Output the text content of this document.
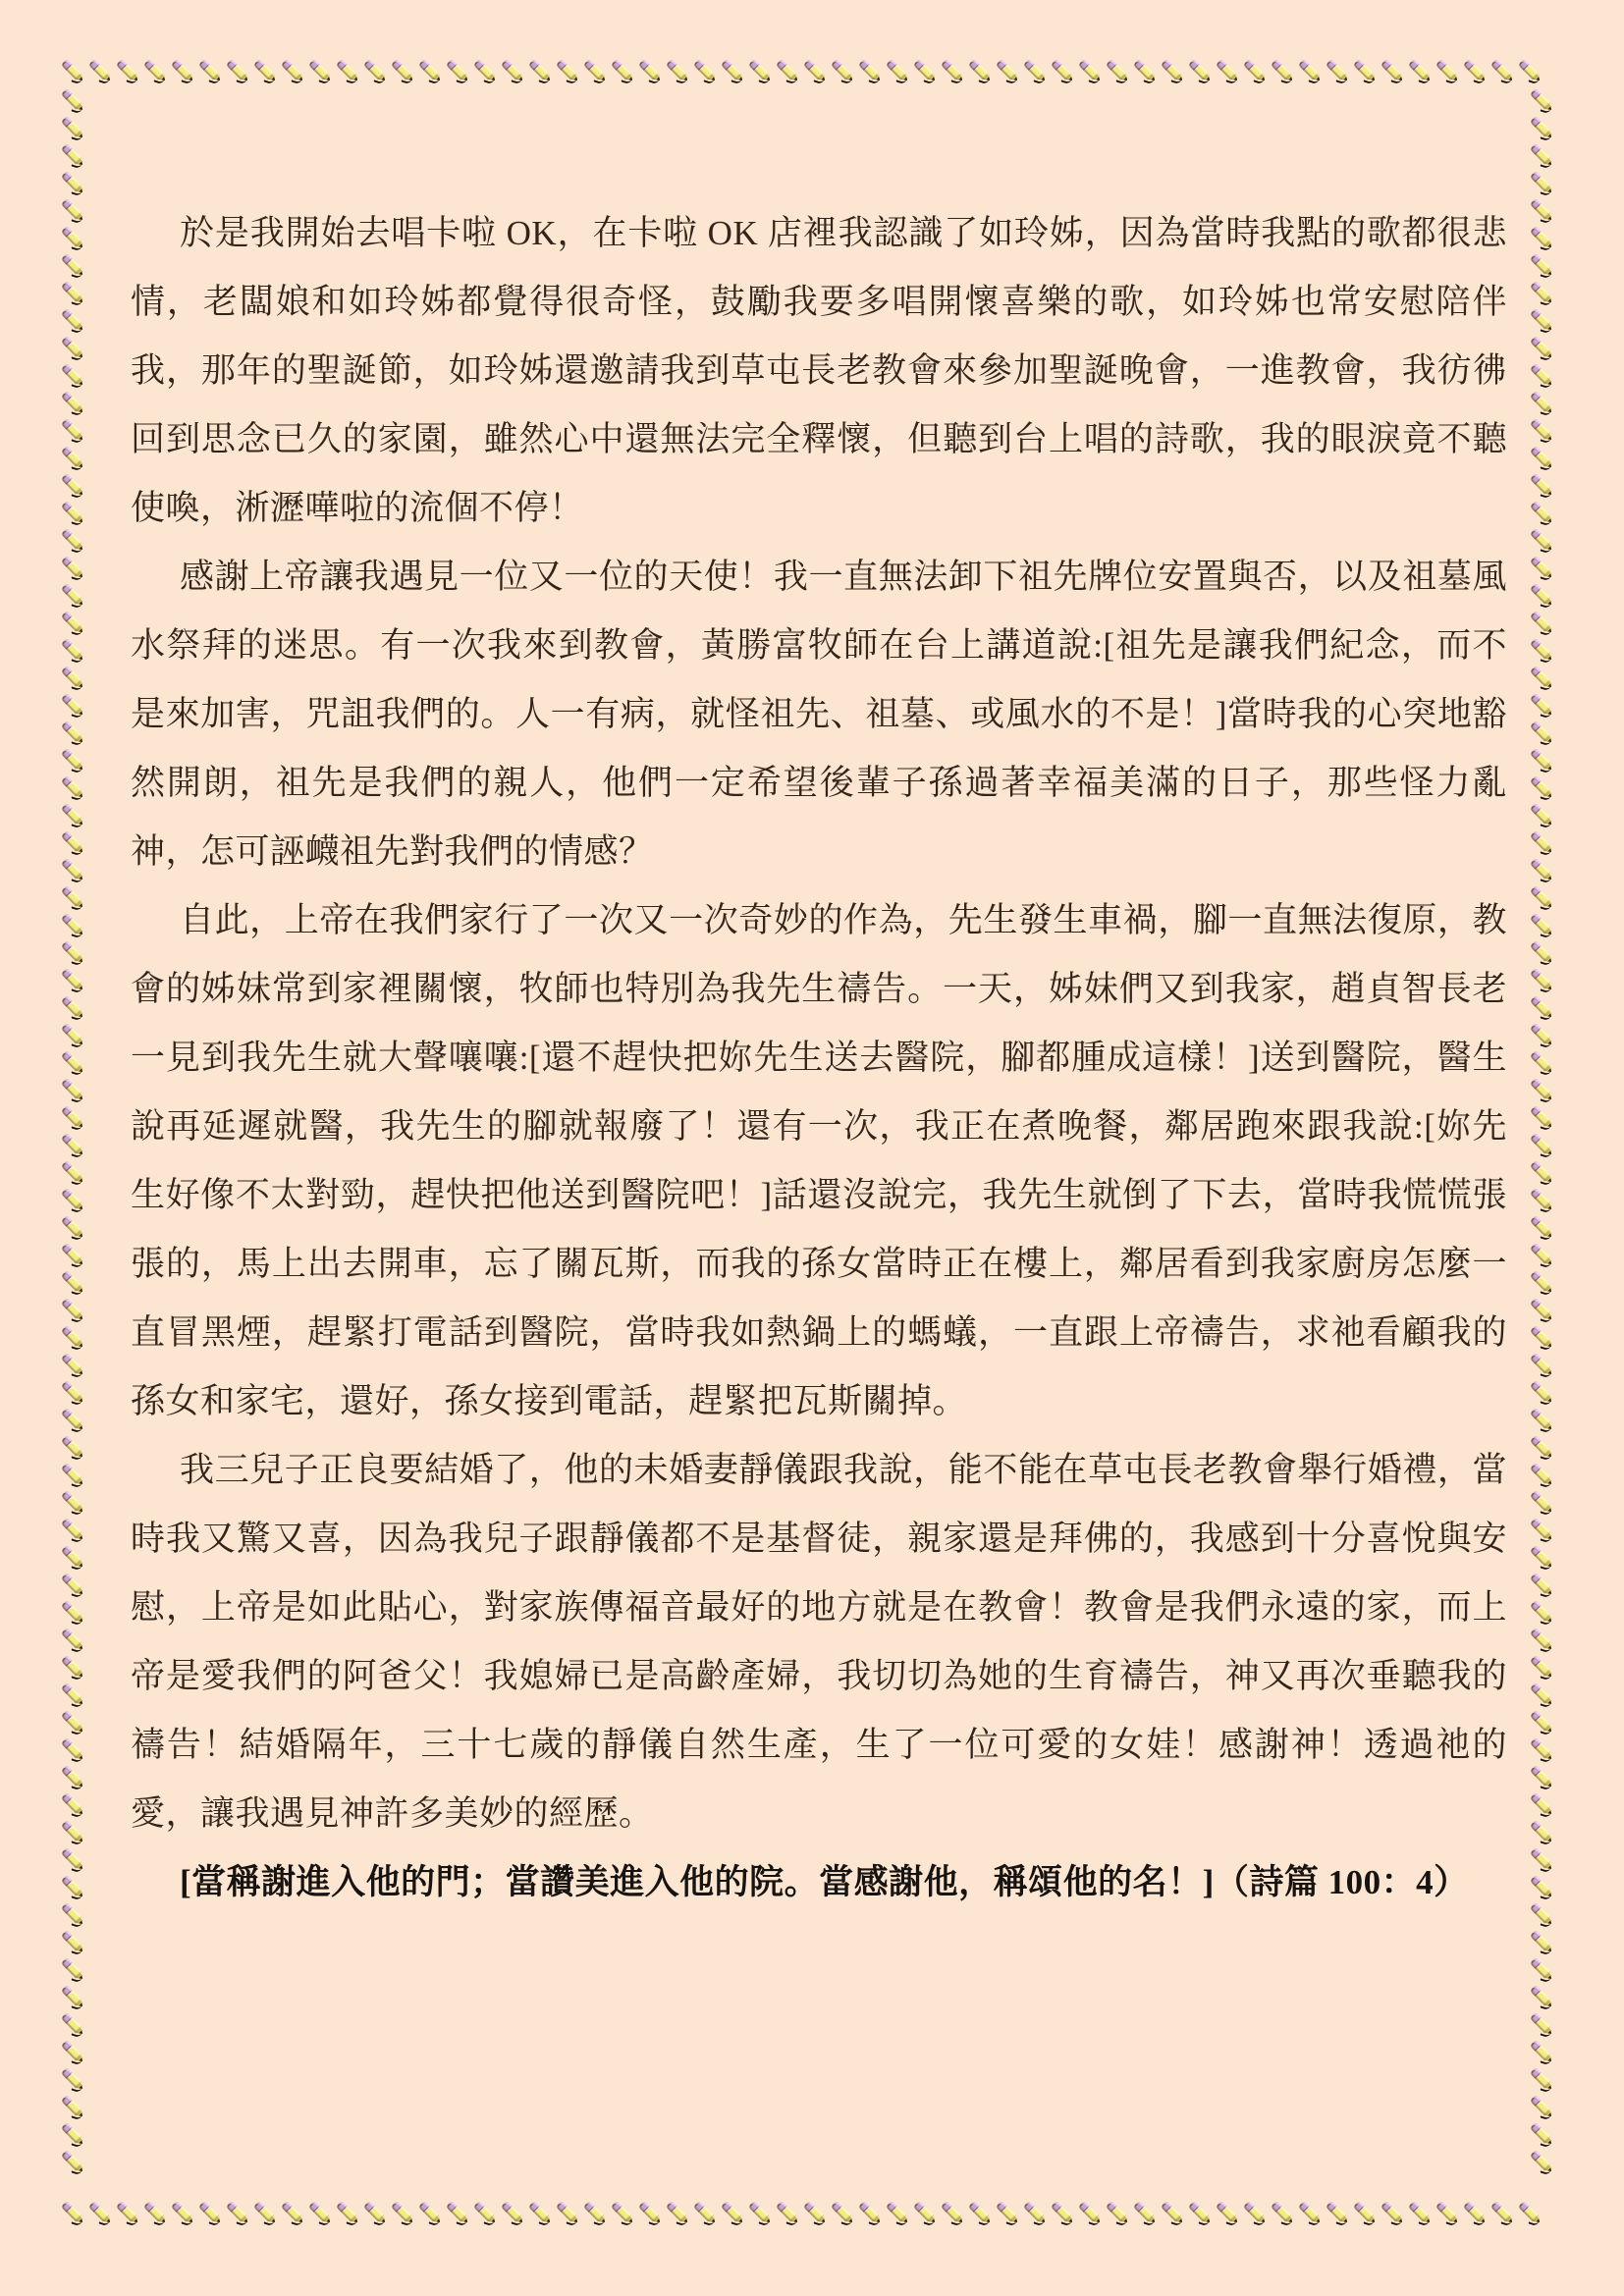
於是我開始去唱卡啦 OK，在卡啦 OK 店裡我認識了如玲姊，因為當時我點的歌都很悲情，老闆娘和如玲姊都覺得很奇怪，鼓勵我要多唱開懷喜樂的歌，如玲姊也常安慰陪伴我，那年的聖誕節，如玲姊還邀請我到草屯長老教會來參加聖誕晚會，一進教會，我彷彿回到思念已久的家園，雖然心中還無法完全釋懷，但聽到台上唱的詩歌，我的眼淚竟不聽使喚，淅瀝嘩啦的流個不停！

感謝上帝讓我遇見一位又一位的天使！我一直無法卸下祖先牌位安置與否，以及祖墓風水祭拜的迷思。有一次我來到教會，黃勝富牧師在台上講道說:[祖先是讓我們紀念，而不是來加害，咒詛我們的。人一有病，就怪祖先、祖墓、或風水的不是！]當時我的心突地豁然開朗，祖先是我們的親人，他們一定希望後輩子孫過著幸福美滿的日子，那些怪力亂神，怎可誣衊祖先對我們的情感？

自此，上帝在我們家行了一次又一次奇妙的作為，先生發生車禍，腳一直無法復原，教會的姊妹常到家裡關懷，牧師也特別為我先生禱告。一天，姊妹們又到我家，趙貞智長老一見到我先生就大聲嚷嚷:[還不趕快把妳先生送去醫院，腳都腫成這樣！]送到醫院，醫生說再延遲就醫，我先生的腳就報廢了！還有一次，我正在煮晚餐，鄰居跑來跟我說:[妳先生好像不太對勁，趕快把他送到醫院吧！]話還沒說完，我先生就倒了下去，當時我慌慌張張的，馬上出去開車，忘了關瓦斯，而我的孫女當時正在樓上，鄰居看到我家廚房怎麼一直冒黑煙，趕緊打電話到醫院，當時我如熱鍋上的螞蟻，一直跟上帝禱告，求祂看顧我的孫女和家宅，還好，孫女接到電話，趕緊把瓦斯關掉。

我三兒子正良要結婚了，他的未婚妻靜儀跟我說，能不能在草屯長老教會舉行婚禮，當時我又驚又喜，因為我兒子跟靜儀都不是基督徒，親家還是拜佛的，我感到十分喜悅與安慰，上帝是如此貼心，對家族傳福音最好的地方就是在教會！教會是我們永遠的家，而上帝是愛我們的阿爸父！我媳婦已是高齡產婦，我切切為她的生育禱告，神又再次垂聽我的禱告！結婚隔年，三十七歲的靜儀自然生產，生了一位可愛的女娃！感謝神！透過祂的愛，讓我遇見神許多美妙的經歷。

[當稱謝進入他的門；當讚美進入他的院。當感謝他，稱頌他的名！]（詩篇 100：4）
